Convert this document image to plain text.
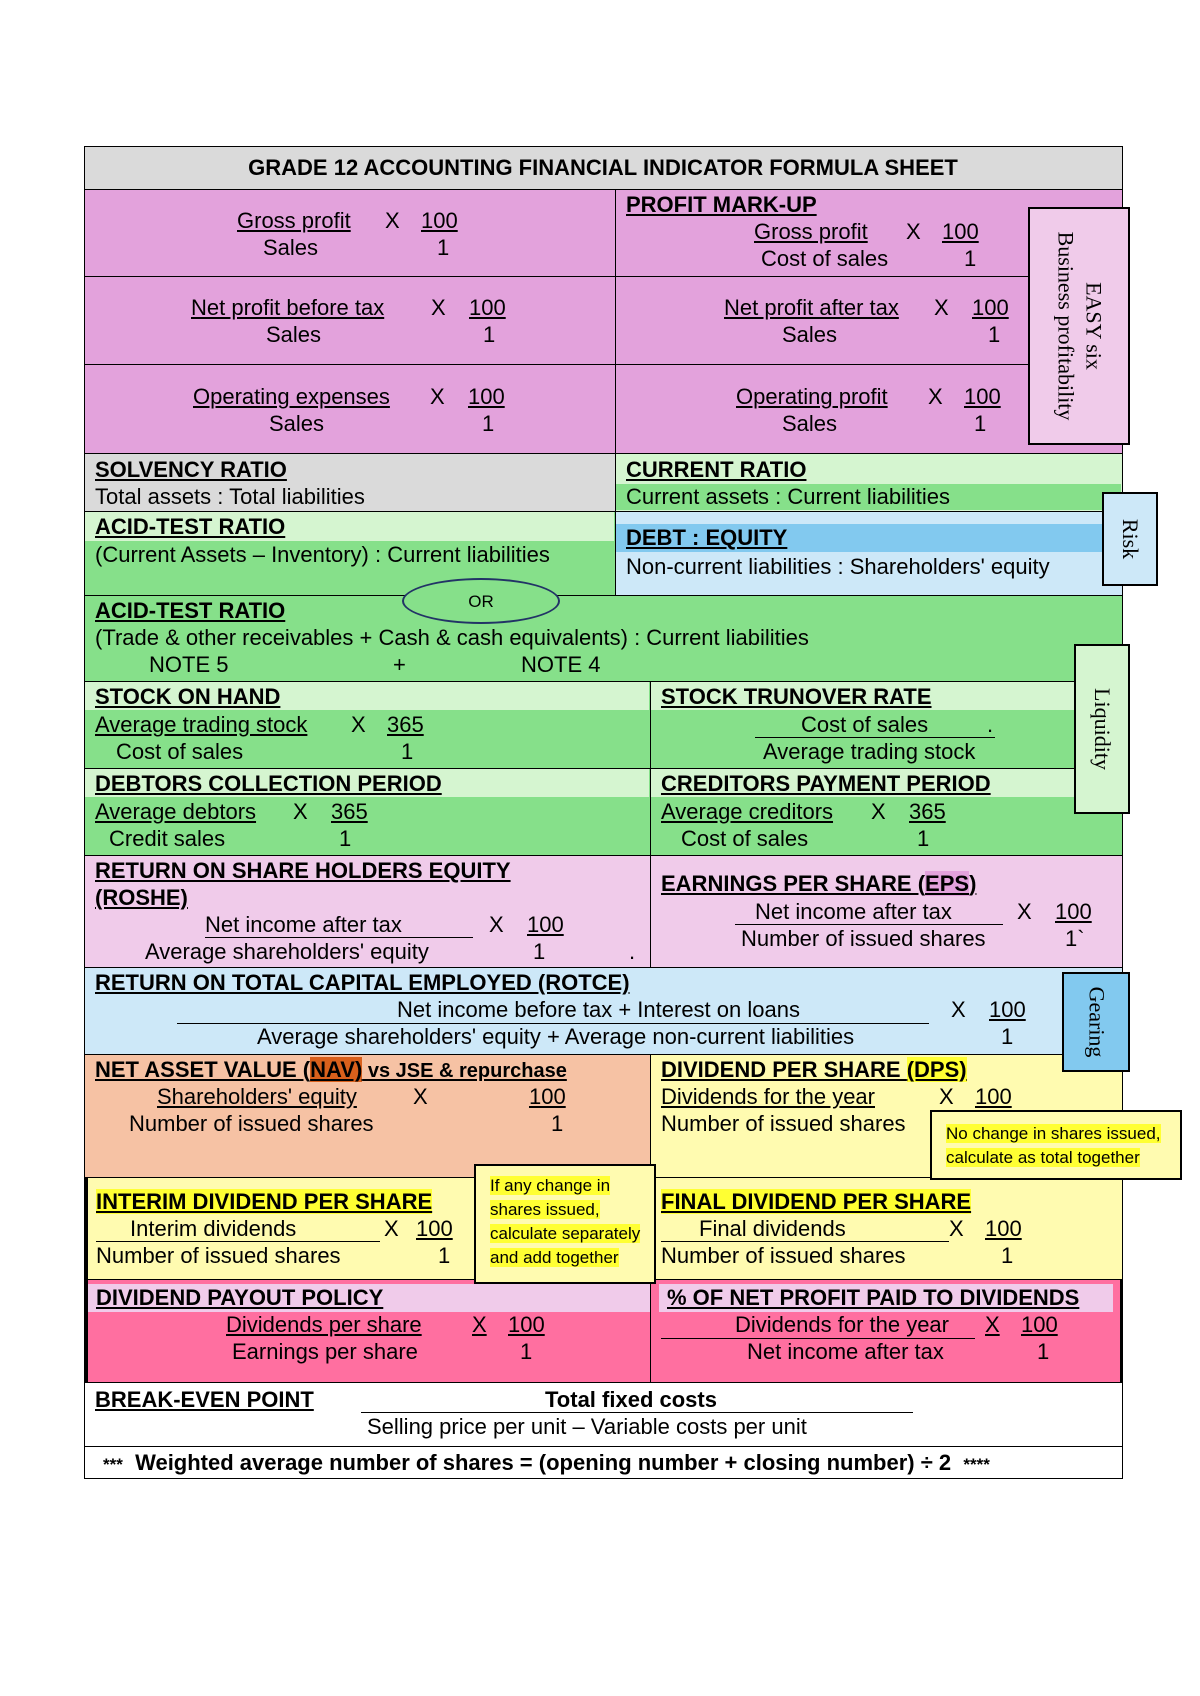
GRADE 12 ACCOUNTING FINANCIAL INDICATOR FORMULA SHEET
Gross profit X 100
Sales	1
PROFIT MARK-UP
Gross profit X 100
Cost of sales	1
Net profit before tax X 100
Sales	1
Net profit after tax X 100
Sales	1
Operating expenses X 100
Sales	1
Operating profit X 100
Sales	1
SOLVENCY RATIO
Total assets : Total liabilities
CURRENT RATIO
Current assets : Current liabilities
ACID-TEST RATIO
(Current Assets – Inventory) : Current liabilities
DEBT : EQUITY
Non-current liabilities : Shareholders' equity
ACID-TEST RATIO
(Trade & other receivables + Cash & cash equivalents) : Current liabilities
NOTE 5	+	NOTE 4
OR
STOCK ON HAND
Average trading stock X 365
Cost of sales	1
STOCK TRUNOVER RATE
Cost of sales	.
Average trading stock
DEBTORS COLLECTION PERIOD
Average debtors X 365
Credit sales	1
CREDITORS PAYMENT PERIOD
Average creditors X 365
Cost of sales	1
RETURN ON SHARE HOLDERS EQUITY
(ROSHE)
Net income after tax	X 100
Average shareholders' equity	1	.
EARNINGS PER SHARE (EPS)
Net income after tax	X 100
Number of issued shares	1`
RETURN ON TOTAL CAPITAL EMPLOYED (ROTCE)
Net income before tax + Interest on loans	X 100
Average shareholders' equity + Average non-current liabilities	1
NET ASSET VALUE (NAV) vs JSE & repurchase
Shareholders' equity	X	100
Number of issued shares	1
DIVIDEND PER SHARE (DPS)
Dividends for the year	X 100
Number of issued shares
INTERIM DIVIDEND PER SHARE
Interim dividends	X 100
Number of issued shares	1
FINAL DIVIDEND PER SHARE
Final dividends	X 100
Number of issued shares	1
DIVIDEND PAYOUT POLICY
Dividends per share X 100
Earnings per share	1
% OF NET PROFIT PAID TO DIVIDENDS
Dividends for the year X 100
Net income after tax	1
BREAK-EVEN POINT	Total fixed costs
Selling price per unit – Variable costs per unit
*** Weighted average number of shares = (opening number + closing number) ÷ 2 ****
EASY six
Business profitability
Risk
Liquidity
Gearing
No change in shares issued,
calculate as total together
If any change in
shares issued,
calculate separately
and add together
